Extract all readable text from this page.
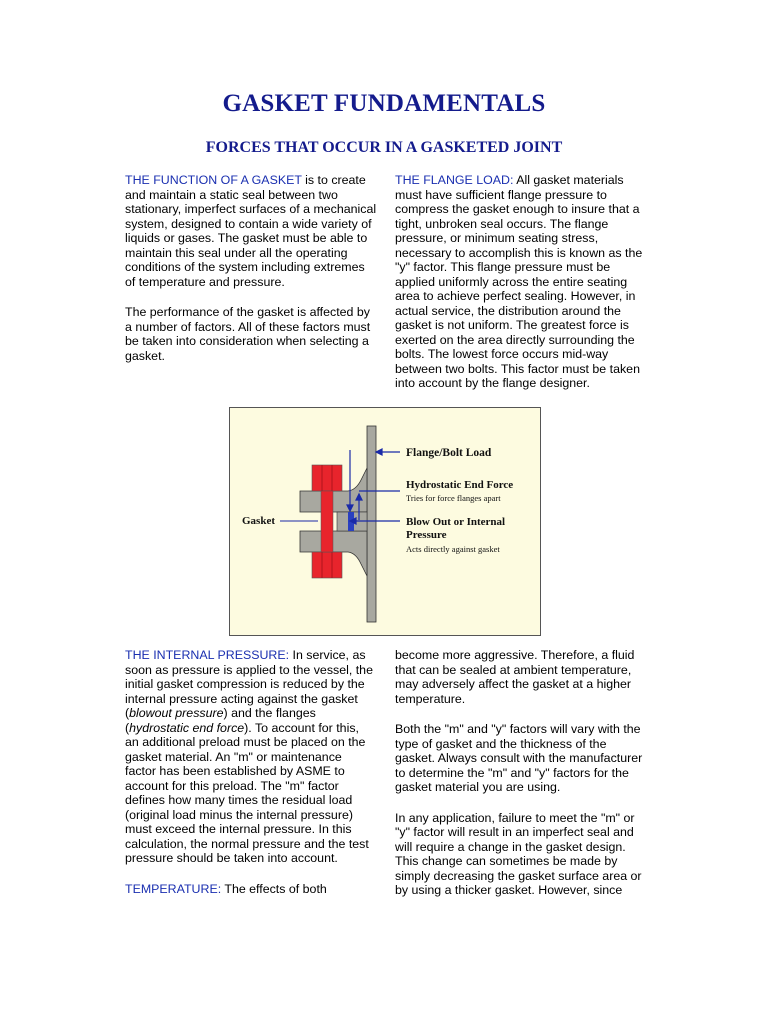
GASKET FUNDAMENTALS
FORCES THAT OCCUR IN A GASKETED JOINT

THE FUNCTION OF A GASKET is to create and maintain a static seal between two stationary, imperfect surfaces of a mechanical system, designed to contain a wide variety of liquids or gases. The gasket must be able to maintain this seal under all the operating conditions of the system including extremes of temperature and pressure.

The performance of the gasket is affected by a number of factors. All of these factors must be taken into consideration when selecting a gasket.

THE FLANGE LOAD: All gasket materials must have sufficient flange pressure to compress the gasket enough to insure that a tight, unbroken seal occurs. The flange pressure, or minimum seating stress, necessary to accomplish this is known as the "y" factor. This flange pressure must be applied uniformly across the entire seating area to achieve perfect sealing. However, in actual service, the distribution around the gasket is not uniform. The greatest force is exerted on the area directly surrounding the bolts. The lowest force occurs mid-way between two bolts. This factor must be taken into account by the flange designer.

Flange/Bolt Load
Hydrostatic End Force
Tries for force flanges apart
Blow Out or Internal
Pressure
Acts directly against gasket
Gasket

THE INTERNAL PRESSURE: In service, as soon as pressure is applied to the vessel, the initial gasket compression is reduced by the internal pressure acting against the gasket (blowout pressure) and the flanges (hydrostatic end force). To account for this, an additional preload must be placed on the gasket material. An "m" or maintenance factor has been established by ASME to account for this preload. The "m" factor defines how many times the residual load (original load minus the internal pressure) must exceed the internal pressure. In this calculation, the normal pressure and the test pressure should be taken into account.

TEMPERATURE: The effects of both

become more aggressive. Therefore, a fluid that can be sealed at ambient temperature, may adversely affect the gasket at a higher temperature.

Both the "m" and "y" factors will vary with the type of gasket and the thickness of the gasket. Always consult with the manufacturer to determine the "m" and "y" factors for the gasket material you are using.

In any application, failure to meet the "m" or "y" factor will result in an imperfect seal and will require a change in the gasket design. This change can sometimes be made by simply decreasing the gasket surface area or by using a thicker gasket. However, since
